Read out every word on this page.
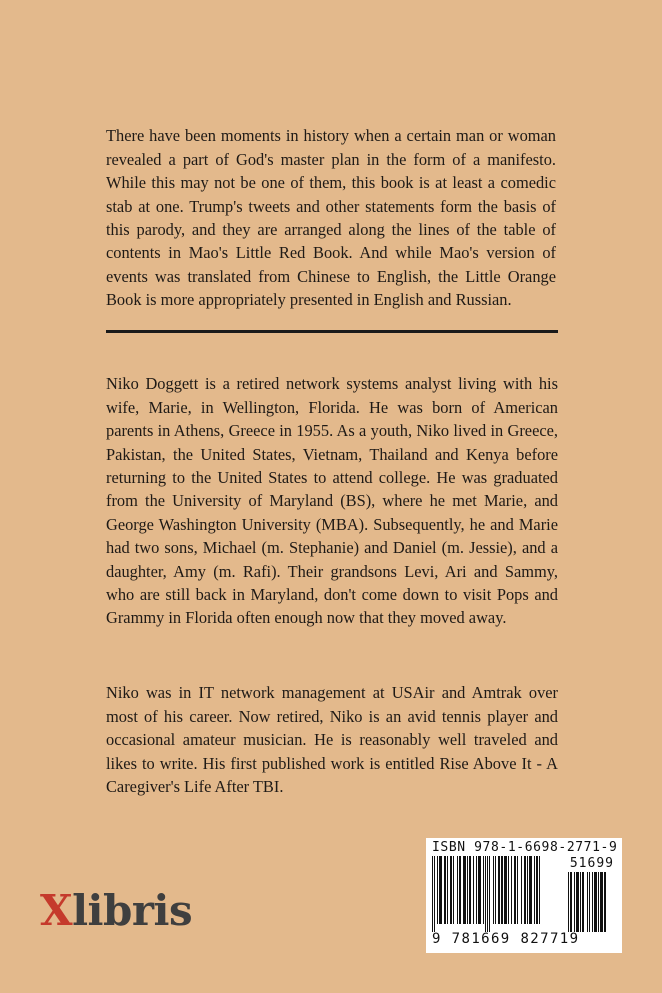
There have been moments in history when a certain man or woman revealed a part of God's master plan in the form of a manifesto. While this may not be one of them, this book is at least a comedic stab at one. Trump's tweets and other statements form the basis of this parody, and they are arranged along the lines of the table of contents in Mao's Little Red Book. And while Mao's version of events was translated from Chinese to English, the Little Orange Book is more appropriately presented in English and Russian.

Niko Doggett is a retired network systems analyst living with his wife, Marie, in Wellington, Florida. He was born of American parents in Athens, Greece in 1955. As a youth, Niko lived in Greece, Pakistan, the United States, Vietnam, Thailand and Kenya before returning to the United States to attend college. He was graduated from the University of Maryland (BS), where he met Marie, and George Washington University (MBA). Subsequently, he and Marie had two sons, Michael (m. Stephanie) and Daniel (m. Jessie), and a daughter, Amy (m. Rafi). Their grandsons Levi, Ari and Sammy, who are still back in Maryland, don't come down to visit Pops and Grammy in Florida often enough now that they moved away.

Niko was in IT network management at USAir and Amtrak over most of his career. Now retired, Niko is an avid tennis player and occasional amateur musician. He is reasonably well traveled and likes to write. His first published work is entitled Rise Above It - A Caregiver's Life After TBI.

Xlibris
ISBN 978-1-6698-2771-9
51699
9 781669 827719
